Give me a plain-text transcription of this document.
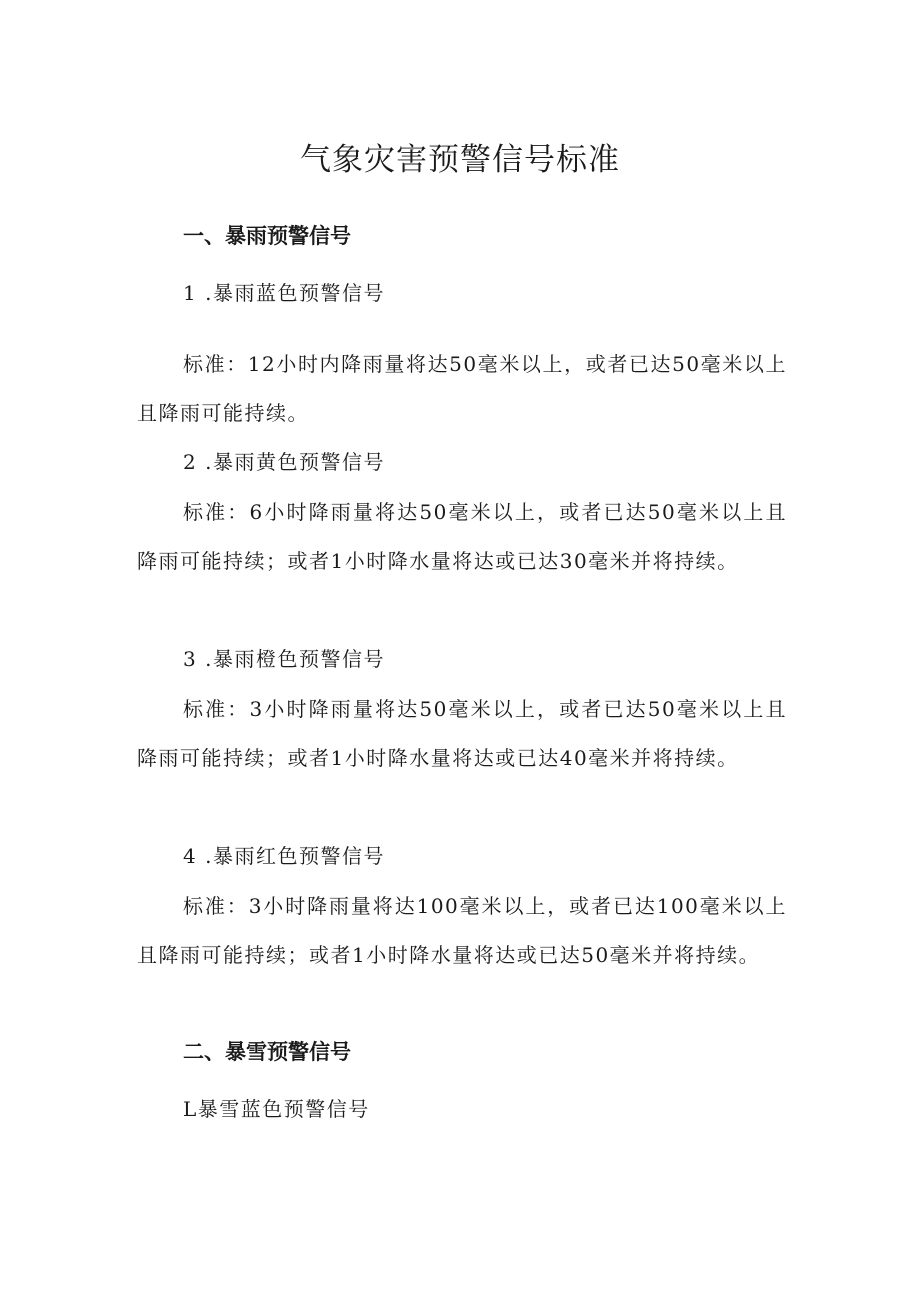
气象灾害预警信号标准
一、暴雨预警信号
1 .暴雨蓝色预警信号
标准：12小时内降雨量将达50毫米以上，或者已达50毫米以上且降雨可能持续。
2 .暴雨黄色预警信号
标准：6小时降雨量将达50毫米以上，或者已达50毫米以上且降雨可能持续；或者1小时降水量将达或已达30毫米并将持续。
3 .暴雨橙色预警信号
标准：3小时降雨量将达50毫米以上，或者已达50毫米以上且降雨可能持续；或者1小时降水量将达或已达40毫米并将持续。
4 .暴雨红色预警信号
标准：3小时降雨量将达100毫米以上，或者已达100毫米以上且降雨可能持续；或者1小时降水量将达或已达50毫米并将持续。
二、暴雪预警信号
L暴雪蓝色预警信号
